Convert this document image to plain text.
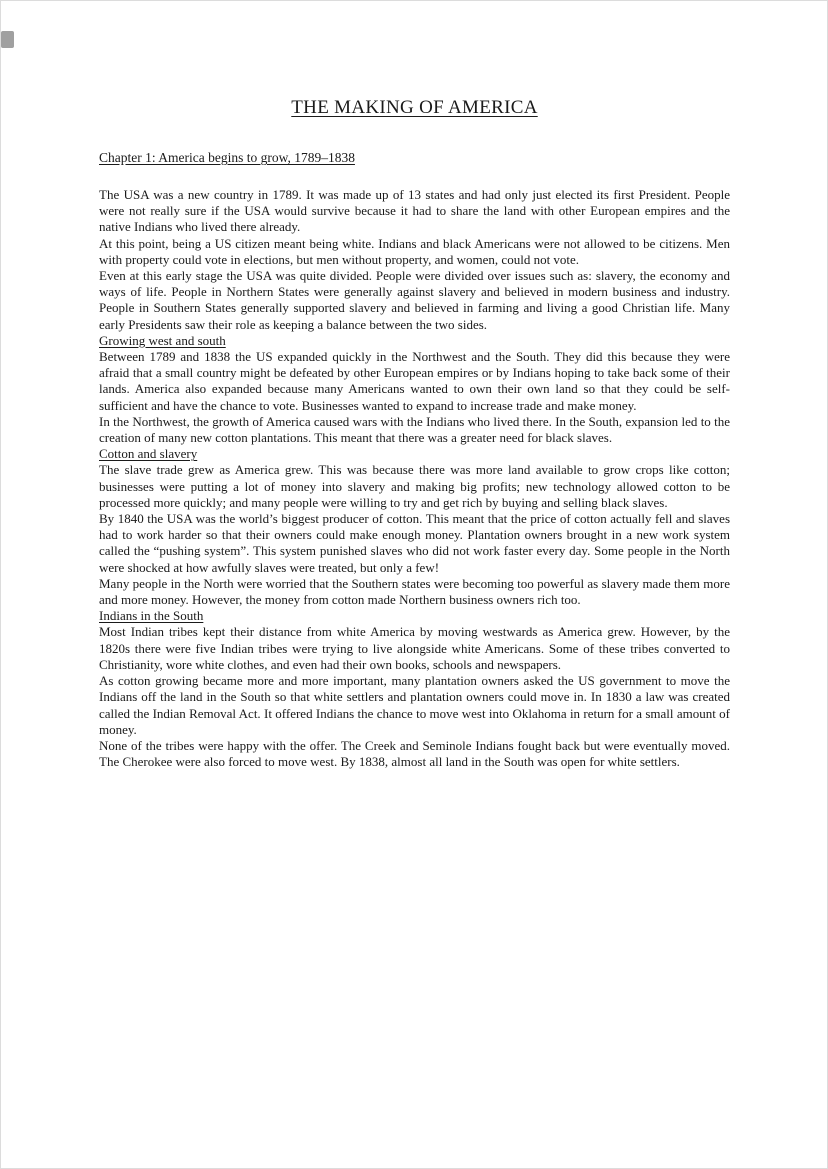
THE MAKING OF AMERICA
Chapter 1: America begins to grow, 1789–1838

The USA was a new country in 1789. It was made up of 13 states and had only just elected its first President. People were not really sure if the USA would survive because it had to share the land with other European empires and the native Indians who lived there already.

At this point, being a US citizen meant being white. Indians and black Americans were not allowed to be citizens. Men with property could vote in elections, but men without property, and women, could not vote.

Even at this early stage the USA was quite divided. People were divided over issues such as: slavery, the economy and ways of life. People in Northern States were generally against slavery and believed in modern business and industry. People in Southern States generally supported slavery and believed in farming and living a good Christian life. Many early Presidents saw their role as keeping a balance between the two sides.

Growing west and south

Between 1789 and 1838 the US expanded quickly in the Northwest and the South. They did this because they were afraid that a small country might be defeated by other European empires or by Indians hoping to take back some of their lands. America also expanded because many Americans wanted to own their own land so that they could be self-sufficient and have the chance to vote. Businesses wanted to expand to increase trade and make money.

In the Northwest, the growth of America caused wars with the Indians who lived there. In the South, expansion led to the creation of many new cotton plantations. This meant that there was a greater need for black slaves.

Cotton and slavery

The slave trade grew as America grew. This was because there was more land available to grow crops like cotton; businesses were putting a lot of money into slavery and making big profits; new technology allowed cotton to be processed more quickly; and many people were willing to try and get rich by buying and selling black slaves.

By 1840 the USA was the world’s biggest producer of cotton. This meant that the price of cotton actually fell and slaves had to work harder so that their owners could make enough money. Plantation owners brought in a new work system called the “pushing system”. This system punished slaves who did not work faster every day. Some people in the North were shocked at how awfully slaves were treated, but only a few!

Many people in the North were worried that the Southern states were becoming too powerful as slavery made them more and more money. However, the money from cotton made Northern business owners rich too.

Indians in the South

Most Indian tribes kept their distance from white America by moving westwards as America grew. However, by the 1820s there were five Indian tribes were trying to live alongside white Americans. Some of these tribes converted to Christianity, wore white clothes, and even had their own books, schools and newspapers.

As cotton growing became more and more important, many plantation owners asked the US government to move the Indians off the land in the South so that white settlers and plantation owners could move in. In 1830 a law was created called the Indian Removal Act. It offered Indians the chance to move west into Oklahoma in return for a small amount of money.

None of the tribes were happy with the offer. The Creek and Seminole Indians fought back but were eventually moved. The Cherokee were also forced to move west. By 1838, almost all land in the South was open for white settlers.
